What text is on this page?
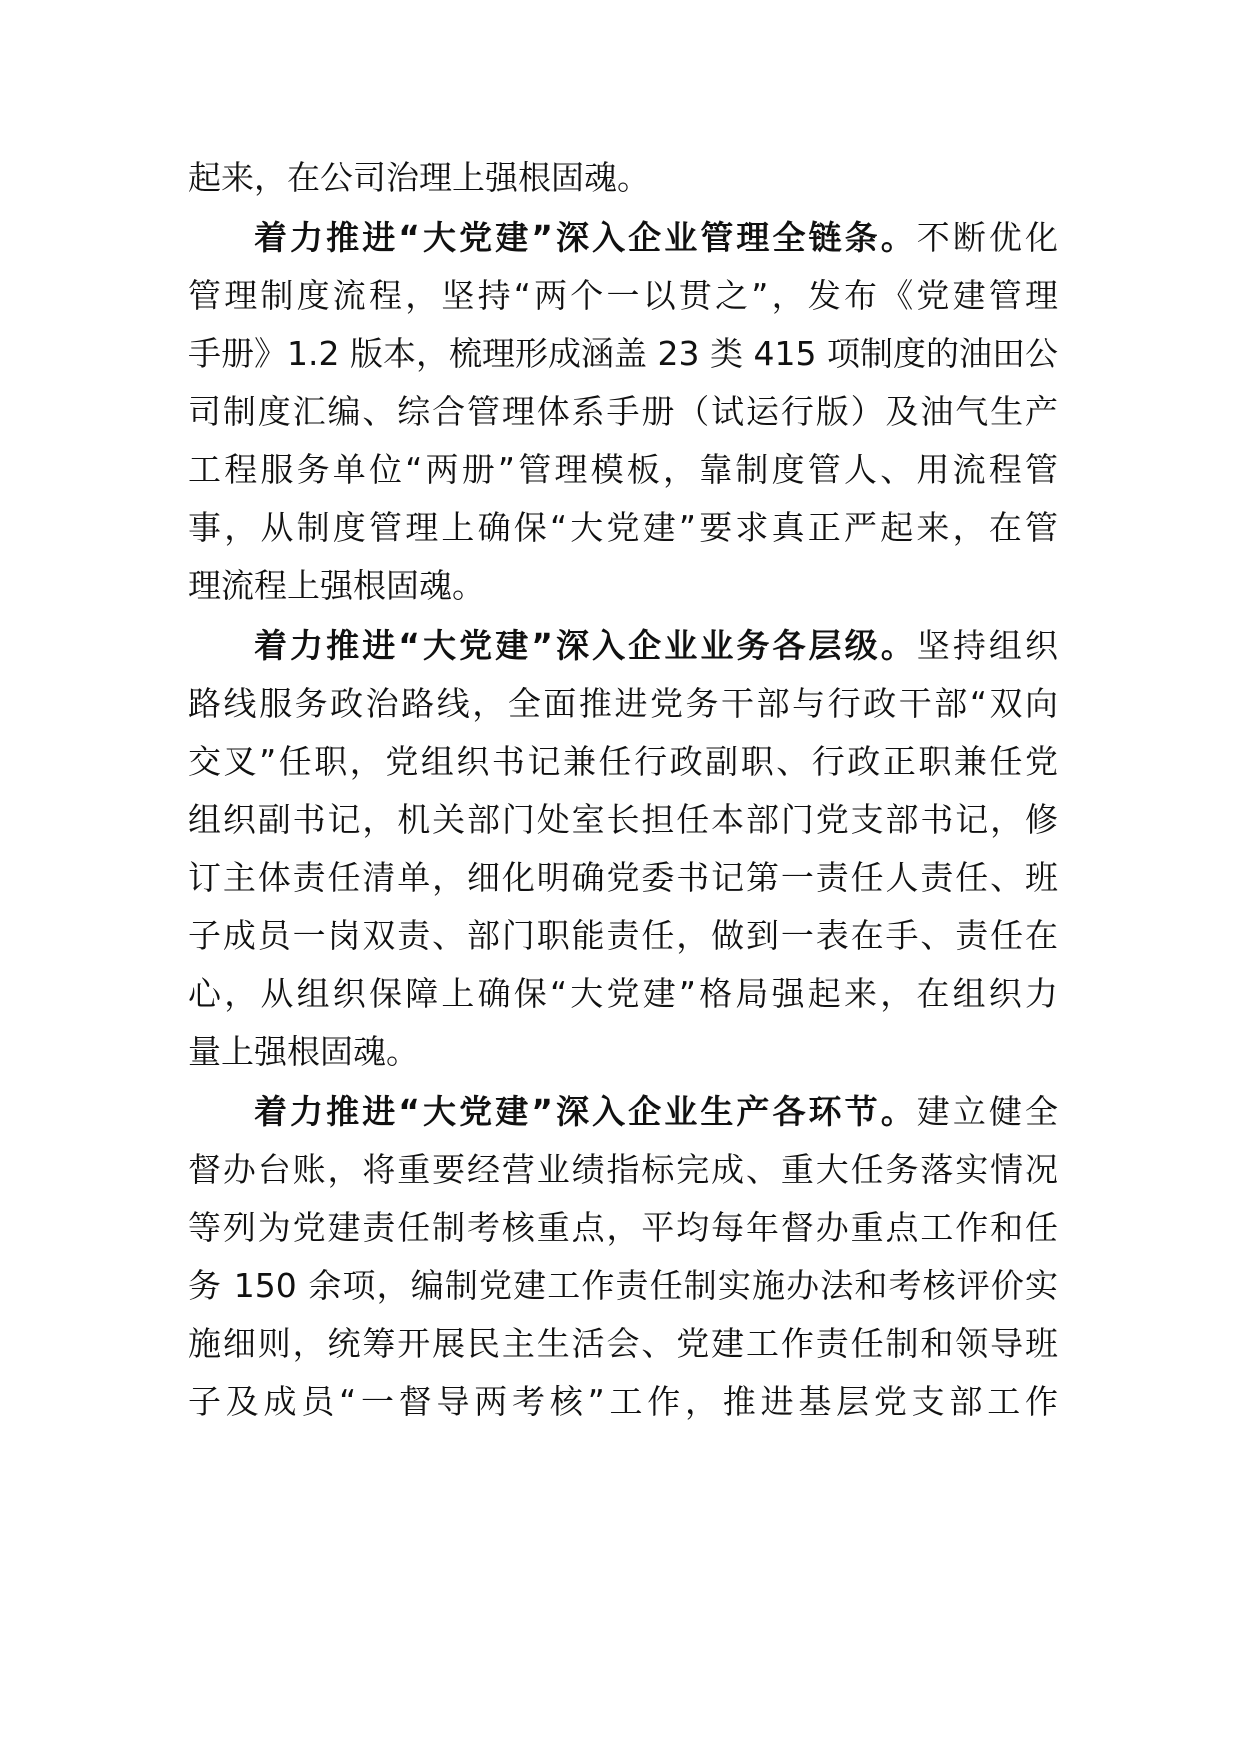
起来，在公司治理上强根固魂。
着力推进“大党建”深入企业管理全链条。不断优化
管理制度流程，坚持“两个一以贯之”，发布《党建管理
手册》1.2 版本，梳理形成涵盖 23 类 415 项制度的油田公
司制度汇编、综合管理体系手册（试运行版）及油气生产
工程服务单位“两册”管理模板，靠制度管人、用流程管
事，从制度管理上确保“大党建”要求真正严起来，在管
理流程上强根固魂。
着力推进“大党建”深入企业业务各层级。坚持组织
路线服务政治路线，全面推进党务干部与行政干部“双向
交叉”任职，党组织书记兼任行政副职、行政正职兼任党
组织副书记，机关部门处室长担任本部门党支部书记，修
订主体责任清单，细化明确党委书记第一责任人责任、班
子成员一岗双责、部门职能责任，做到一表在手、责任在
心，从组织保障上确保“大党建”格局强起来，在组织力
量上强根固魂。
着力推进“大党建”深入企业生产各环节。建立健全
督办台账，将重要经营业绩指标完成、重大任务落实情况
等列为党建责任制考核重点，平均每年督办重点工作和任
务 150 余项，编制党建工作责任制实施办法和考核评价实
施细则，统筹开展民主生活会、党建工作责任制和领导班
子及成员“一督导两考核”工作，推进基层党支部工作
